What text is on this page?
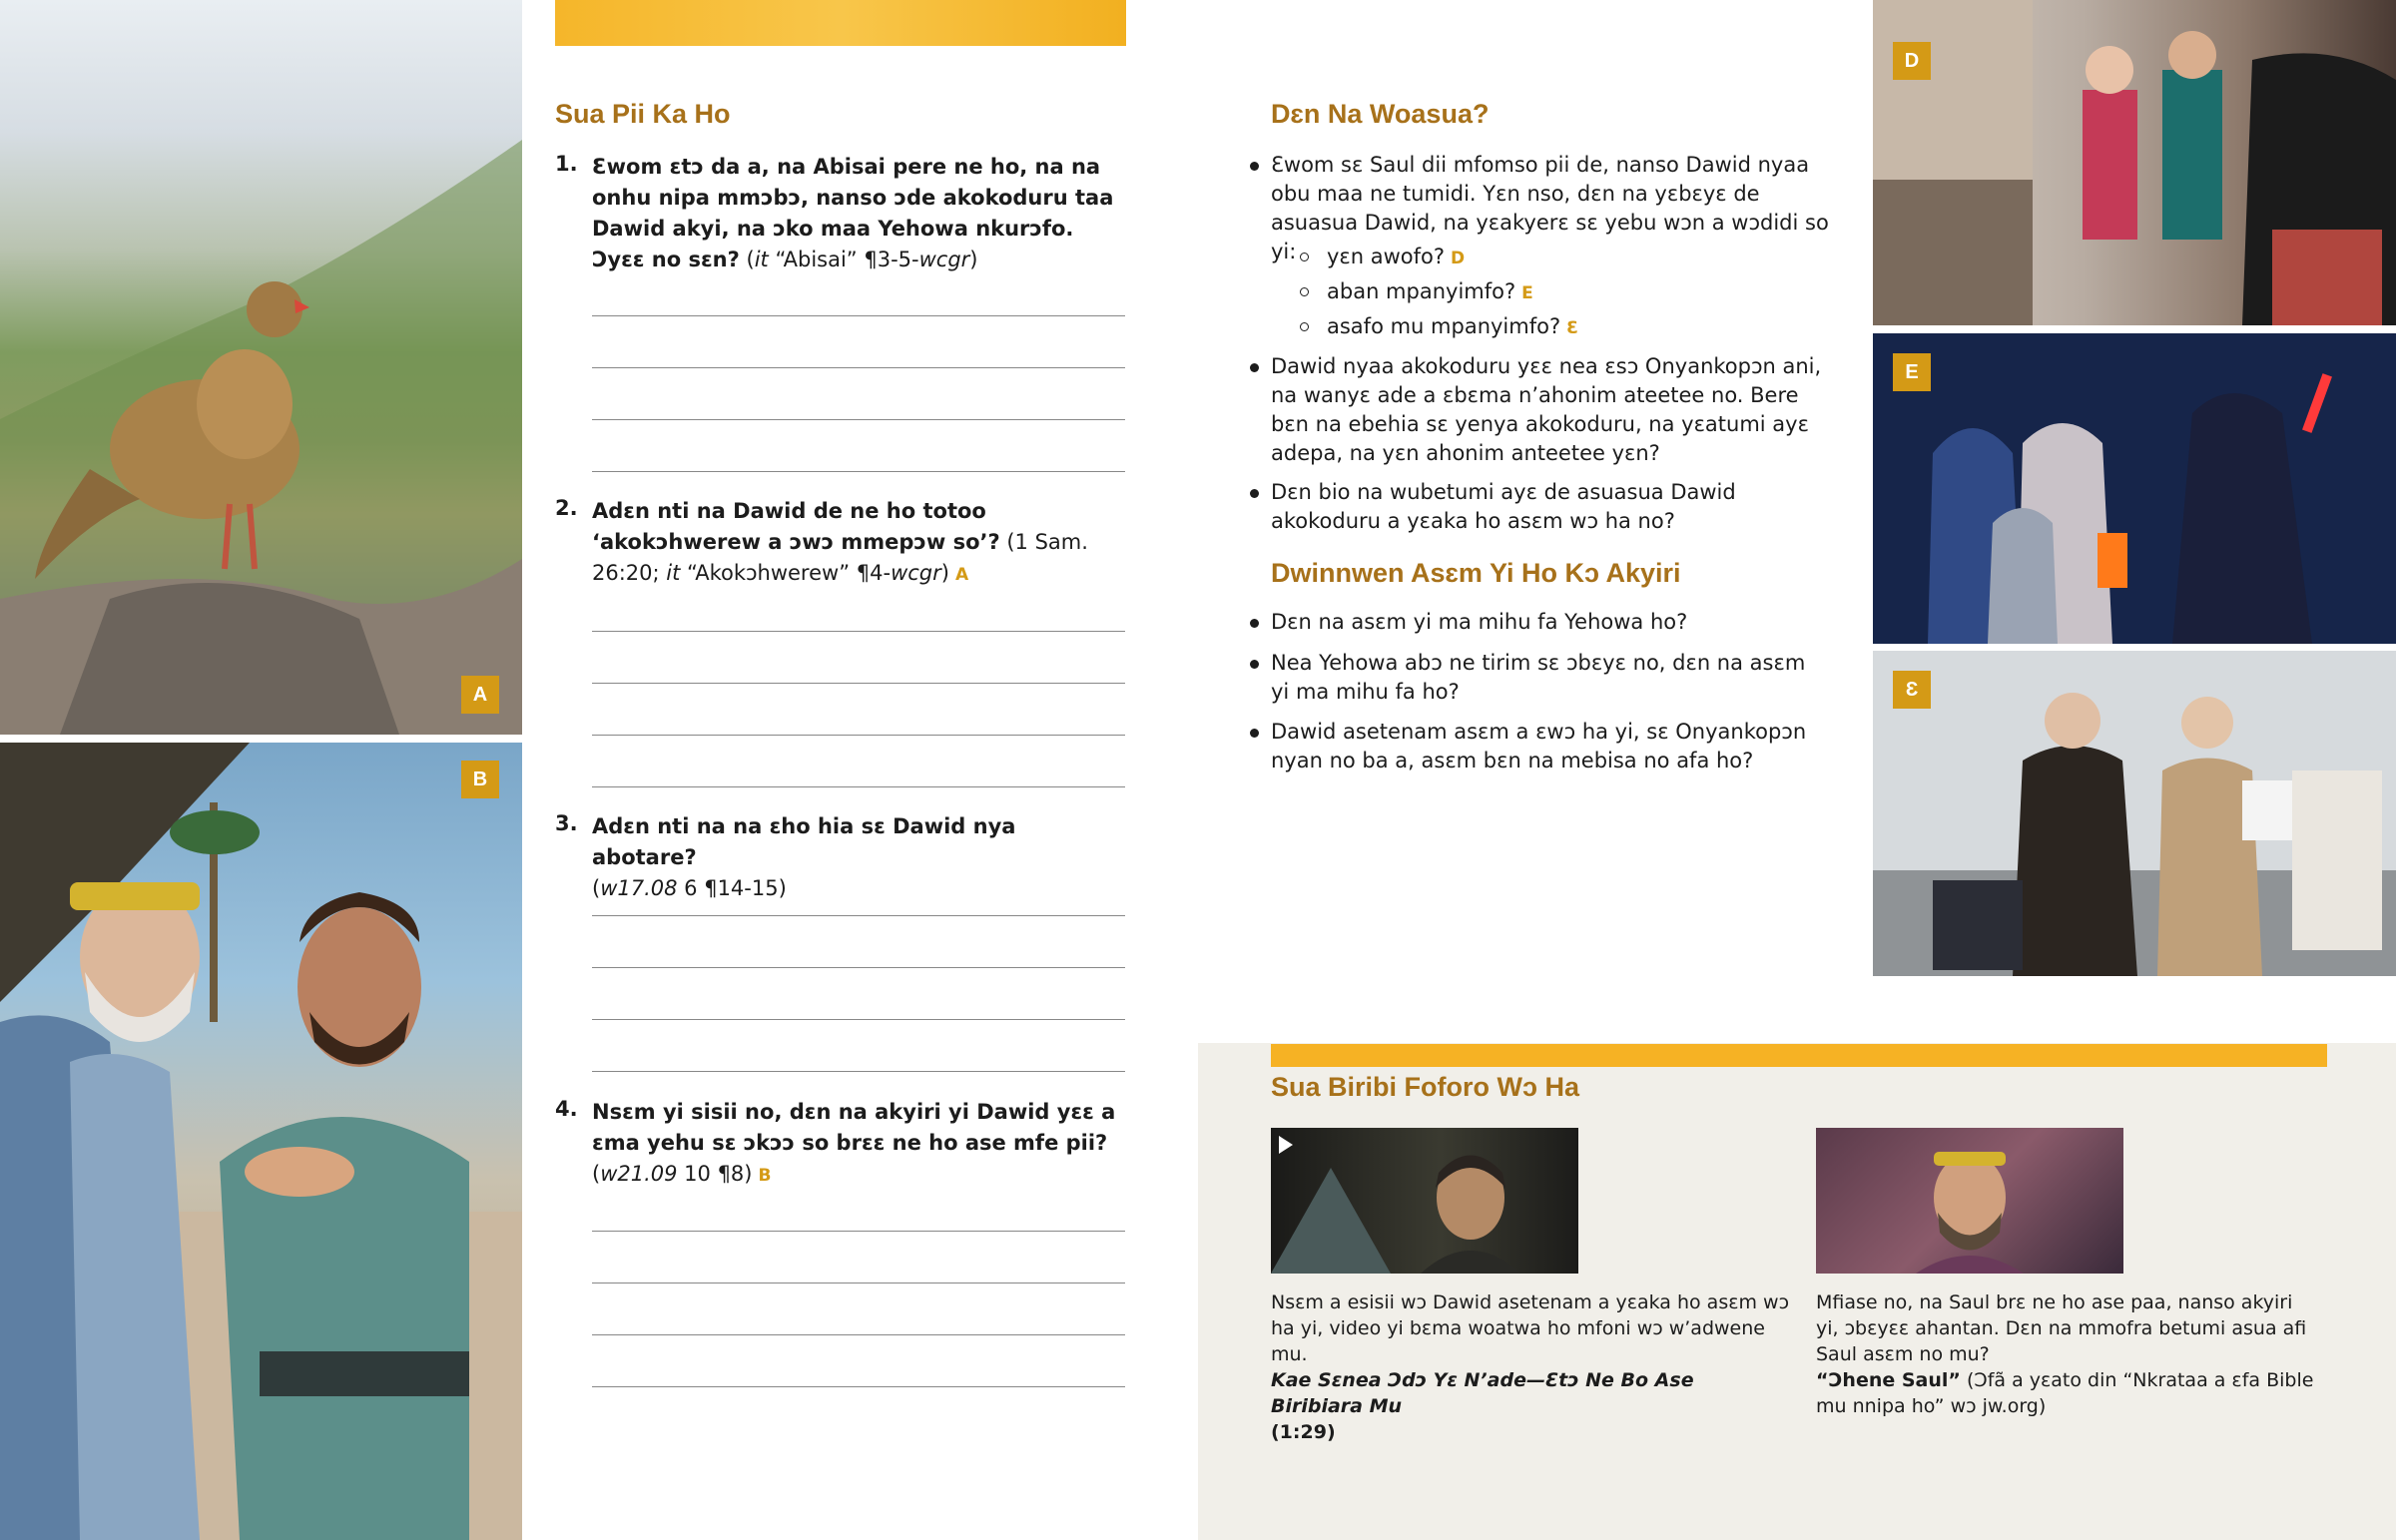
A
B
Sua Pii Ka Ho
1. Ɛwom ɛtɔ da a, na Abisai pere ne ho, na na onhu nipa mmɔbɔ, nanso ɔde akokoduru taa Dawid akyi, na ɔko maa Yehowa nkurɔfo. Ɔyɛɛ no sɛn? (it “Abisai” ¶3-5-wcgr)
2. Adɛn nti na Dawid de ne ho totoo ‘akokɔhwerew a ɔwɔ mmepɔw so’? (1 Sam. 26:20; it “Akokɔhwerew” ¶4-wcgr) A
3. Adɛn nti na na ɛho hia sɛ Dawid nya abotare?
(w17.08 6 ¶14-15)
4. Nsɛm yi sisii no, dɛn na akyiri yi Dawid yɛɛ a ɛma yehu sɛ ɔkɔɔ so brɛɛ ne ho ase mfe pii? (w21.09 10 ¶8) B
Dɛn Na Woasua?
Ɛwom sɛ Saul dii mfomso pii de, nanso Dawid nyaa obu maa ne tumidi. Yɛn nso, dɛn na yɛbɛyɛ de asuasua Dawid, na yɛakyerɛ sɛ yebu wɔn a wɔdidi so yi:	yɛn awofo? D
aban mpanyimfo? E
asafo mu mpanyimfo? Ɛ
Dawid nyaa akokoduru yɛɛ nea ɛsɔ Onyankopɔn ani, na wanyɛ ade a ɛbɛma n’ahonim ateetee no. Bere bɛn na ebehia sɛ yenya akokoduru, na yɛatumi ayɛ adepa, na yɛn ahonim anteetee yɛn?
Dɛn bio na wubetumi ayɛ de asuasua Dawid akokoduru a yɛaka ho asɛm wɔ ha no?
Dwinnwen Asɛm Yi Ho Kɔ Akyiri
Dɛn na asɛm yi ma mihu fa Yehowa ho?
Nea Yehowa abɔ ne tirim sɛ ɔbɛyɛ no, dɛn na asɛm yi ma mihu fa ho?
Dawid asetenam asɛm a ɛwɔ ha yi, sɛ Onyankopɔn nyan no ba a, asɛm bɛn na mebisa no afa ho?
D
E
Ɛ
Sua Biribi Foforo Wɔ Ha
Nsɛm a esisii wɔ Dawid asetenam a yɛaka ho asɛm wɔ ha yi, video yi bɛma woatwa ho mfoni wɔ w’adwene mu.
Kae Sɛnea Ɔdɔ Yɛ N’ade—Ɛtɔ Ne Bo Ase Biribiara Mu
(1:29)
Mfiase no, na Saul brɛ ne ho ase paa, nanso akyiri yi, ɔbɛyɛɛ ahantan. Dɛn na mmofra betumi asua afi Saul asɛm no mu?
“Ɔhene Saul” (Ɔfã a yɛato din “Nkrataa a ɛfa Bible mu nnipa ho” wɔ jw.org)
